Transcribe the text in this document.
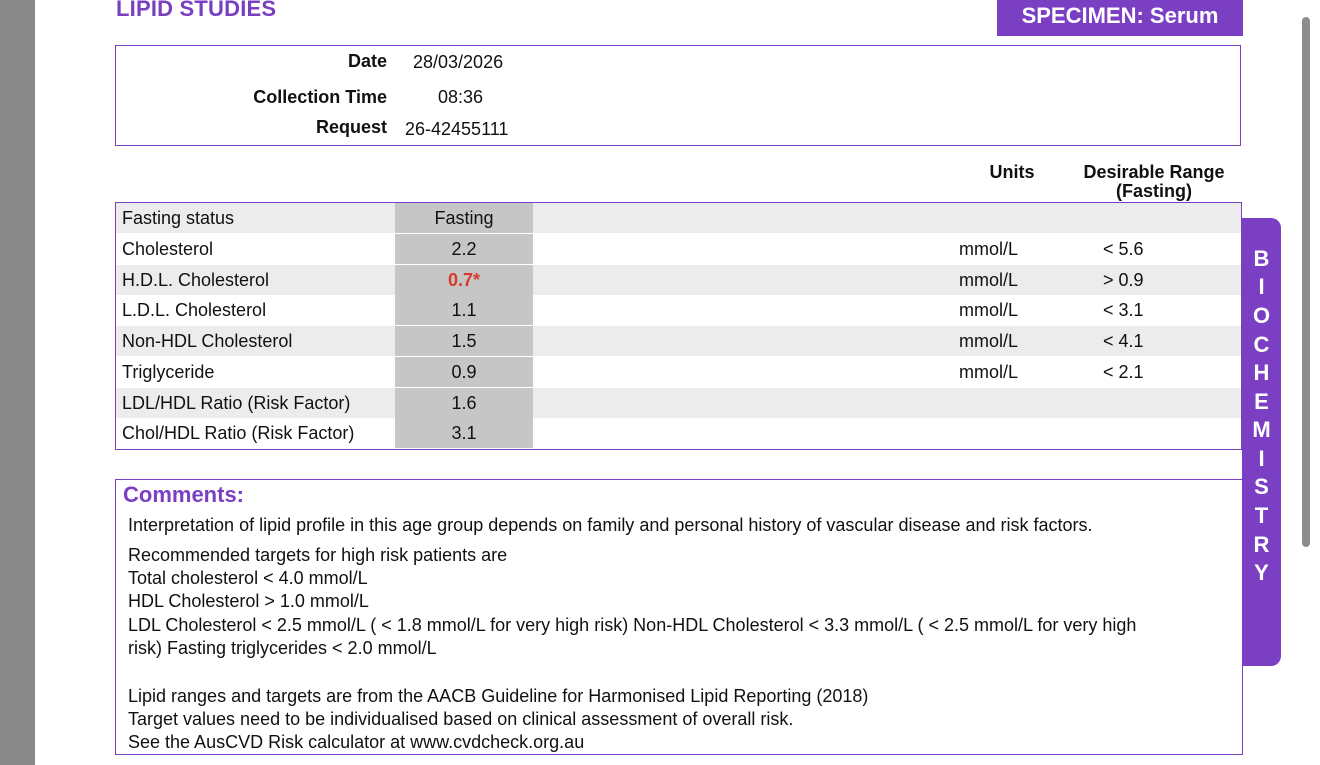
LIPID STUDIES	SPECIMEN: Serum
Date 28/03/2026
Collection Time	08:36
Request 26-42455111
Units	Desirable Range
(Fasting)
Fasting status	Fasting
Cholesterol	2.2	mmol/L	< 5.6
H.D.L. Cholesterol	0.7*	mmol/L	> 0.9
L.D.L. Cholesterol	1.1	mmol/L	< 3.1
Non-HDL Cholesterol	1.5	mmol/L	< 4.1
Triglyceride	0.9	mmol/L	< 2.1
LDL/HDL Ratio (Risk Factor)	1.6
Chol/HDL Ratio (Risk Factor)	3.1
B
I
O
C
H
E
M
I
S
T
R
Y
Comments:
Interpretation of lipid profile in this age group depends on family and personal history of vascular disease and risk factors.
Recommended targets for high risk patients are
Total cholesterol < 4.0 mmol/L
HDL Cholesterol > 1.0 mmol/L
LDL Cholesterol < 2.5 mmol/L ( < 1.8 mmol/L for very high risk) Non-HDL Cholesterol < 3.3 mmol/L ( < 2.5 mmol/L for very high
risk) Fasting triglycerides < 2.0 mmol/L
Lipid ranges and targets are from the AACB Guideline for Harmonised Lipid Reporting (2018)
Target values need to be individualised based on clinical assessment of overall risk.
See the AusCVD Risk calculator at www.cvdcheck.org.au
